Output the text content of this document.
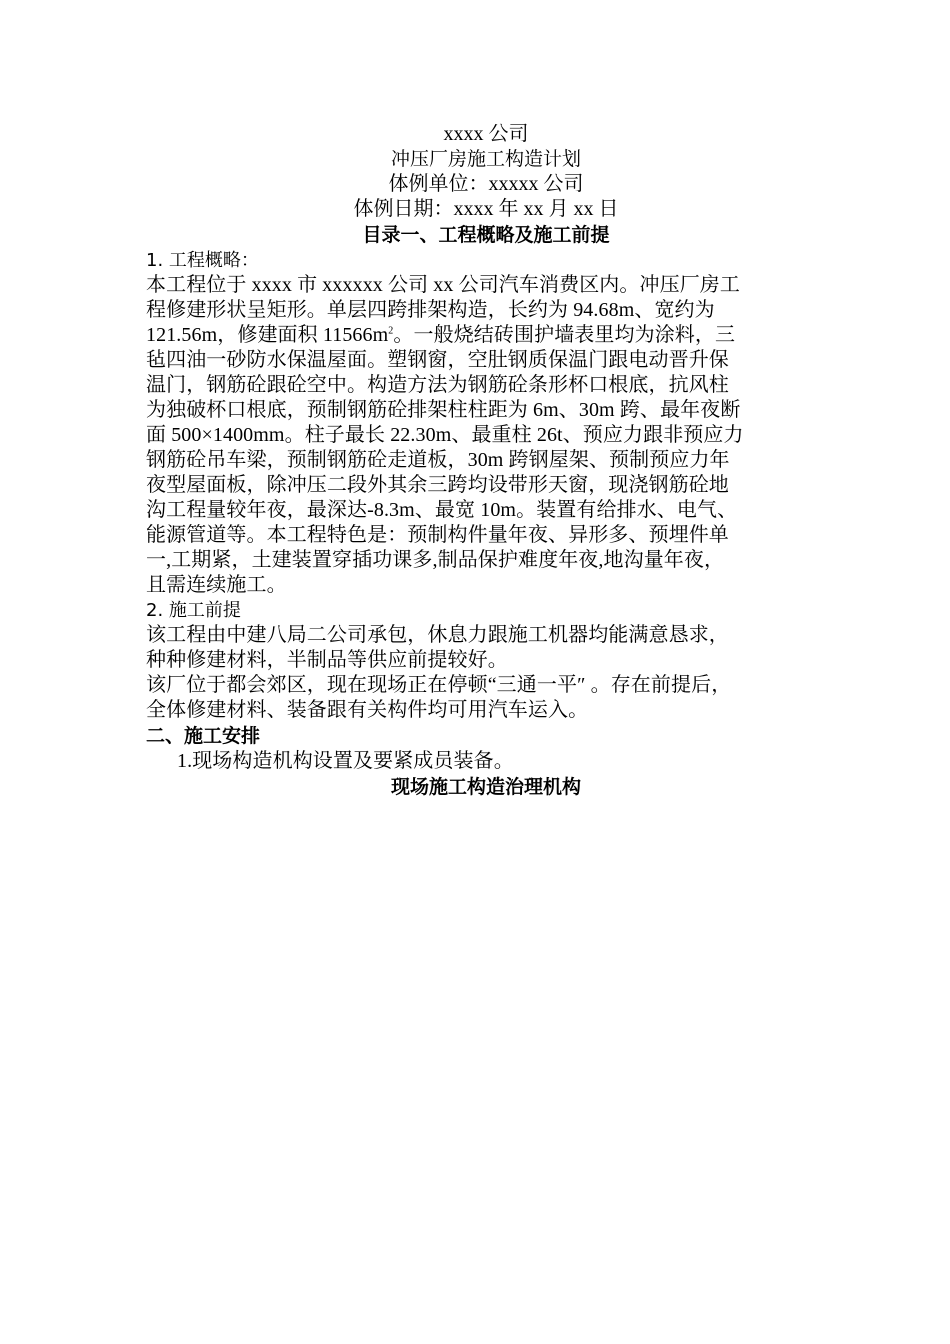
xxxx 公司
冲压厂房施工构造计划
体例单位：xxxxx 公司
体例日期：xxxx 年 xx 月 xx 日
目录一、工程概略及施工前提
1. 工程概略：
本工程位于 xxxx 市 xxxxxx 公司 xx 公司汽车消费区内。冲压厂房工
程修建形状呈矩形。单层四跨排架构造，长约为 94.68m、宽约为
121.56m，修建面积 $11566m^2$。一般烧结砖围护墙表里均为涂料，三
毡四油一砂防水保温屋面。塑钢窗，空肚钢质保温门跟电动晋升保
温门，钢筋砼跟砼空中。构造方法为钢筋砼条形杯口根底，抗风柱
为独破杯口根底，预制钢筋砼排架柱柱距为 6m、30m 跨、最年夜断
面 500×1400mm。柱子最长 22.30m、最重柱 26t、预应力跟非预应力
钢筋砼吊车梁，预制钢筋砼走道板，30m 跨钢屋架、预制预应力年
夜型屋面板，除冲压二段外其余三跨均设带形天窗，现浇钢筋砼地
沟工程量较年夜，最深达-8.3m、最宽 10m。装置有给排水、电气、
能源管道等。本工程特色是：预制构件量年夜、异形多、预埋件单
一,工期紧，土建装置穿插功课多,制品保护难度年夜,地沟量年夜，
且需连续施工。
2. 施工前提
该工程由中建八局二公司承包，休息力跟施工机器均能满意恳求，
种种修建材料，半制品等供应前提较好。
该厂位于都会郊区，现在现场正在停顿“三通一平″ 。存在前提后，
全体修建材料、装备跟有关构件均可用汽车运入。
二、施工安排
1.现场构造机构设置及要紧成员装备。
现场施工构造治理机构
